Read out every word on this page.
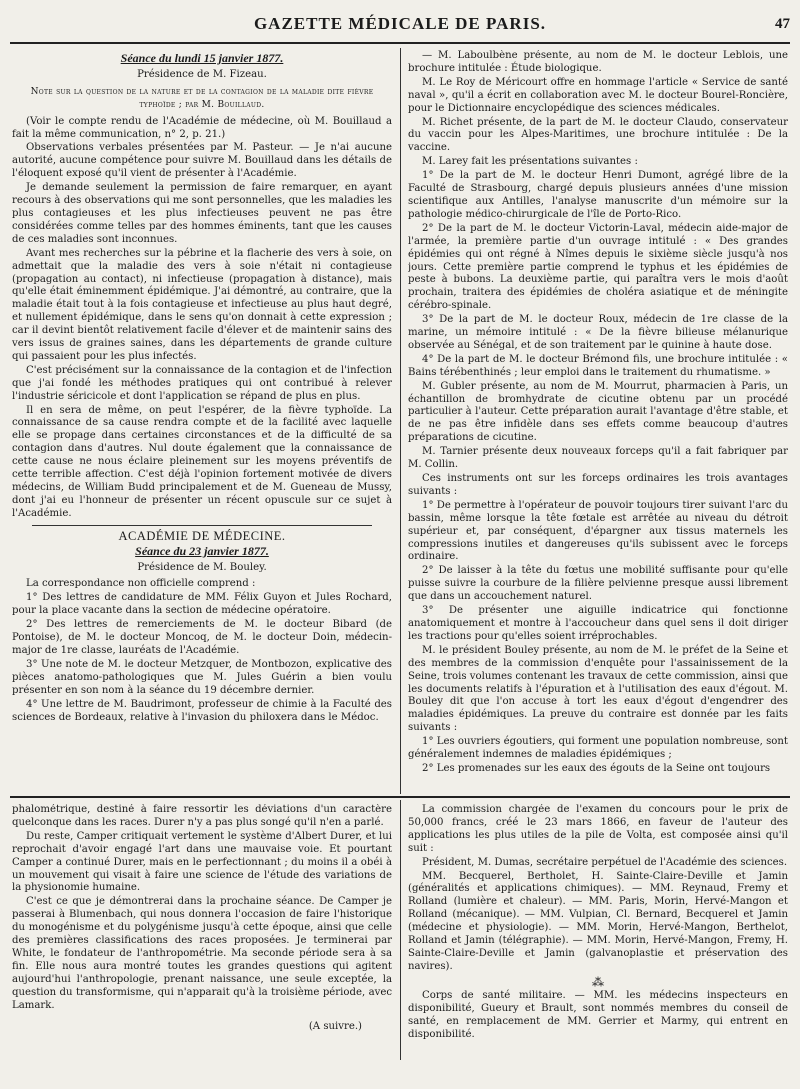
GAZETTE MÉDICALE DE PARIS.	47
Séance du lundi 15 janvier 1877.
Présidence de M. Fizeau.
Note sur la question de la nature et de la contagion de la maladie dite fièvre typhoïde ; par M. Bouillaud.

(Voir le compte rendu de l'Académie de médecine, où M. Bouillaud a fait la même communication, n° 2, p. 21.)

Observations verbales présentées par M. Pasteur. — Je n'ai aucune autorité, aucune compétence pour suivre M. Bouillaud dans les détails de l'éloquent exposé qu'il vient de présenter à l'Académie.

Je demande seulement la permission de faire remarquer, en ayant recours à des observations qui me sont personnelles, que les maladies les plus contagieuses et les plus infectieuses peuvent ne pas être considérées comme telles par des hommes éminents, tant que les causes de ces maladies sont inconnues.

Avant mes recherches sur la pébrine et la flacherie des vers à soie, on admettait que la maladie des vers à soie n'était ni contagieuse (propagation au contact), ni infectieuse (propagation à distance), mais qu'elle était éminemment épidémique. J'ai démontré, au contraire, que la maladie était tout à la fois contagieuse et infectieuse au plus haut degré, et nullement épidémique, dans le sens qu'on donnait à cette expression ; car il devint bientôt relativement facile d'élever et de maintenir sains des vers issus de graines saines, dans les départements de grande culture qui passaient pour les plus infectés.

C'est précisément sur la connaissance de la contagion et de l'infection que j'ai fondé les méthodes pratiques qui ont contribué à relever l'industrie séricicole et dont l'application se répand de plus en plus.

Il en sera de même, on peut l'espérer, de la fièvre typhoïde. La connaissance de sa cause rendra compte et de la facilité avec laquelle elle se propage dans certaines circonstances et de la difficulté de sa contagion dans d'autres. Nul doute également que la connaissance de cette cause ne nous éclaire pleinement sur les moyens préventifs de cette terrible affection. C'est déjà l'opinion fortement motivée de divers médecins, de William Budd principalement et de M. Gueneau de Mussy, dont j'ai eu l'honneur de présenter un récent opuscule sur ce sujet à l'Académie.

ACADÉMIE DE MÉDECINE.
Séance du 23 janvier 1877.
Présidence de M. Bouley.

La correspondance non officielle comprend :

1° Des lettres de candidature de MM. Félix Guyon et Jules Rochard, pour la place vacante dans la section de médecine opératoire.

2° Des lettres de remerciements de M. le docteur Bibard (de Pontoise), de M. le docteur Moncoq, de M. le docteur Doin, médecin-major de 1re classe, lauréats de l'Académie.

3° Une note de M. le docteur Metzquer, de Montbozon, explicative des pièces anatomo-pathologiques que M. Jules Guérin a bien voulu présenter en son nom à la séance du 19 décembre dernier.

4° Une lettre de M. Baudrimont, professeur de chimie à la Faculté des sciences de Bordeaux, relative à l'invasion du philoxera dans le Médoc.

— M. Laboulbène présente, au nom de M. le docteur Leblois, une brochure intitulée : Étude biologique.

M. Le Roy de Méricourt offre en hommage l'article « Service de santé naval », qu'il a écrit en collaboration avec M. le docteur Bourel-Roncière, pour le Dictionnaire encyclopédique des sciences médicales.

M. Richet présente, de la part de M. le docteur Claudo, conservateur du vaccin pour les Alpes-Maritimes, une brochure intitulée : De la vaccine.

M. Larey fait les présentations suivantes :

1° De la part de M. le docteur Henri Dumont, agrégé libre de la Faculté de Strasbourg, chargé depuis plusieurs années d'une mission scientifique aux Antilles, l'analyse manuscrite d'un mémoire sur la pathologie médico-chirurgicale de l'île de Porto-Rico.

2° De la part de M. le docteur Victorin-Laval, médecin aide-major de l'armée, la première partie d'un ouvrage intitulé : « Des grandes épidémies qui ont régné à Nîmes depuis le sixième siècle jusqu'à nos jours. Cette première partie comprend le typhus et les épidémies de peste à bubons. La deuxième partie, qui paraîtra vers le mois d'août prochain, traitera des épidémies de choléra asiatique et de méningite cérébro-spinale.

3° De la part de M. le docteur Roux, médecin de 1re classe de la marine, un mémoire intitulé : « De la fièvre bilieuse mélanurique observée au Sénégal, et de son traitement par le quinine à haute dose.

4° De la part de M. le docteur Brémond fils, une brochure intitulée : « Bains térébenthinés ; leur emploi dans le traitement du rhumatisme. »

M. Gubler présente, au nom de M. Mourrut, pharmacien à Paris, un échantillon de bromhydrate de cicutine obtenu par un procédé particulier à l'auteur. Cette préparation aurait l'avantage d'être stable, et de ne pas être infidèle dans ses effets comme beaucoup d'autres préparations de cicutine.

M. Tarnier présente deux nouveaux forceps qu'il a fait fabriquer par M. Collin.

Ces instruments ont sur les forceps ordinaires les trois avantages suivants :

1° De permettre à l'opérateur de pouvoir toujours tirer suivant l'arc du bassin, même lorsque la tête fœtale est arrêtée au niveau du détroit supérieur et, par conséquent, d'épargner aux tissus maternels les compressions inutiles et dangereuses qu'ils subissent avec le forceps ordinaire.

2° De laisser à la tête du fœtus une mobilité suffisante pour qu'elle puisse suivre la courbure de la filière pelvienne presque aussi librement que dans un accouchement naturel.

3° De présenter une aiguille indicatrice qui fonctionne anatomiquement et montre à l'accoucheur dans quel sens il doit diriger les tractions pour qu'elles soient irréprochables.

M. le président Bouley présente, au nom de M. le préfet de la Seine et des membres de la commission d'enquête pour l'assainissement de la Seine, trois volumes contenant les travaux de cette commission, ainsi que les documents relatifs à l'épuration et à l'utilisation des eaux d'égout. M. Bouley dit que l'on accuse à tort les eaux d'égout d'engendrer des maladies épidémiques. La preuve du contraire est donnée par les faits suivants :

1° Les ouvriers égoutiers, qui forment une population nombreuse, sont généralement indemnes de maladies épidémiques ;

2° Les promenades sur les eaux des égouts de la Seine ont toujours

phalométrique, destiné à faire ressortir les déviations d'un caractère quelconque dans les races. Durer n'y a pas plus songé qu'il n'en a parlé.

Du reste, Camper critiquait vertement le système d'Albert Durer, et lui reprochait d'avoir engagé l'art dans une mauvaise voie. Et pourtant Camper a continué Durer, mais en le perfectionnant ; du moins il a obéi à un mouvement qui visait à faire une science de l'étude des variations de la physionomie humaine.

C'est ce que je démontrerai dans la prochaine séance. De Camper je passerai à Blumenbach, qui nous donnera l'occasion de faire l'historique du monogénisme et du polygénisme jusqu'à cette époque, ainsi que celle des premières classifications des races proposées. Je terminerai par White, le fondateur de l'anthropométrie. Ma seconde période sera à sa fin. Elle nous aura montré toutes les grandes questions qui agitent aujourd'hui l'anthropologie, prenant naissance, une seule exceptée, la question du transformisme, qui n'apparait qu'à la troisième période, avec Lamark.

(A suivre.)

La commission chargée de l'examen du concours pour le prix de 50,000 francs, créé le 23 mars 1866, en faveur de l'auteur des applications les plus utiles de la pile de Volta, est composée ainsi qu'il suit :

Président, M. Dumas, secrétaire perpétuel de l'Académie des sciences.

MM. Becquerel, Bertholet, H. Sainte-Claire-Deville et Jamin (généralités et applications chimiques). — MM. Reynaud, Fremy et Rolland (lumière et chaleur). — MM. Paris, Morin, Hervé-Mangon et Rolland (mécanique). — MM. Vulpian, Cl. Bernard, Becquerel et Jamin (médecine et physiologie). — MM. Morin, Hervé-Mangon, Berthelot, Rolland et Jamin (télégraphie). — MM. Morin, Hervé-Mangon, Fremy, H. Sainte-Claire-Deville et Jamin (galvanoplastie et préservation des navires).

⁂

Corps de santé militaire. — MM. les médecins inspecteurs en disponibilité, Gueury et Brault, sont nommés membres du conseil de santé, en remplacement de MM. Gerrier et Marmy, qui entrent en disponibilité.
